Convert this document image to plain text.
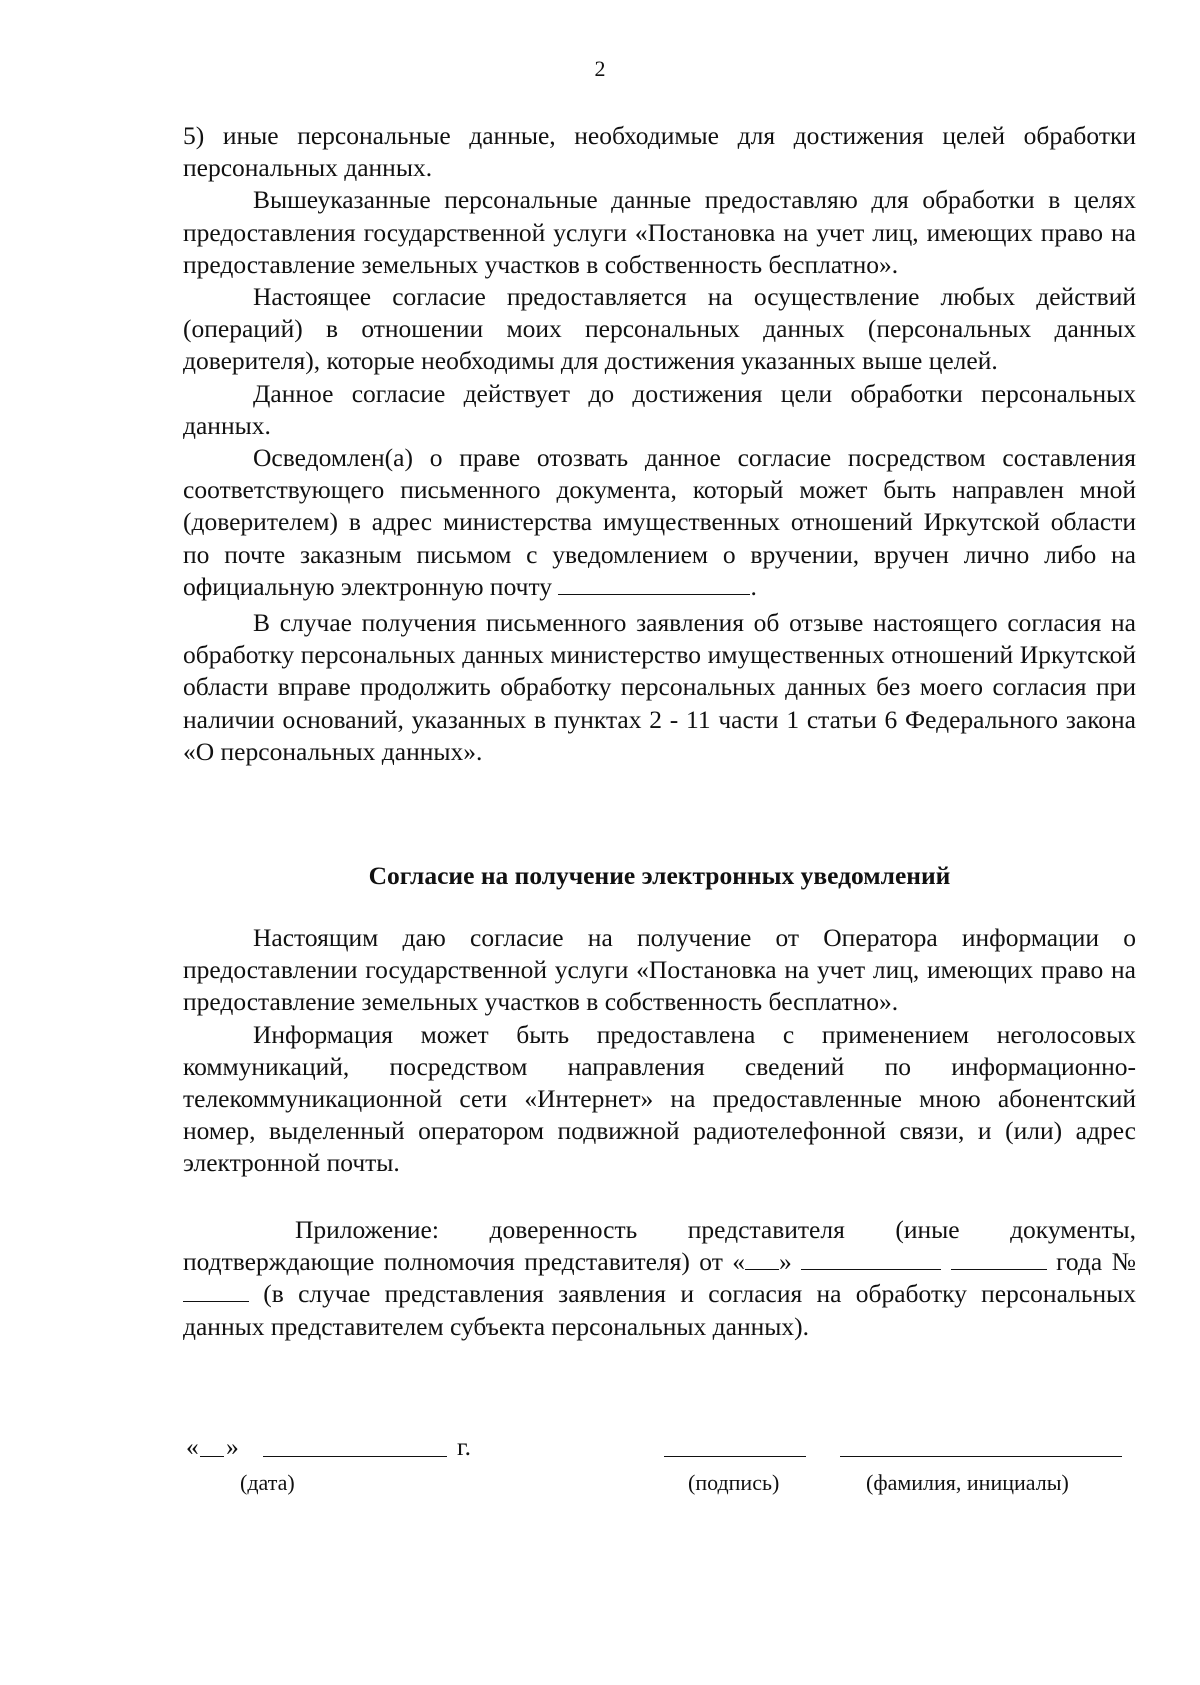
2

5) иные персональные данные, необходимые для достижения целей обработки персональных данных.

Вышеуказанные персональные данные предоставляю для обработки в целях предоставления государственной услуги «Постановка на учет лиц, имеющих право на предоставление земельных участков в собственность бесплатно».

Настоящее согласие предоставляется на осуществление любых действий (операций) в отношении моих персональных данных (персональных данных доверителя), которые необходимы для достижения указанных выше целей.

Данное согласие действует до достижения цели обработки персональных данных.

Осведомлен(а) о праве отозвать данное согласие посредством составления соответствующего письменного документа, который может быть направлен мной (доверителем) в адрес министерства имущественных отношений Иркутской области по почте заказным письмом с уведомлением о вручении, вручен лично либо на официальную электронную почту	.

В случае получения письменного заявления об отзыве настоящего согласия на обработку персональных данных министерство имущественных отношений Иркутской области вправе продолжить обработку персональных данных без моего согласия при наличии оснований, указанных в пунктах 2 - 11 части 1 статьи 6 Федерального закона «О персональных данных».

Согласие на получение электронных уведомлений

Настоящим даю согласие на получение от Оператора информации о предоставлении государственной услуги «Постановка на учет лиц, имеющих право на предоставление земельных участков в собственность бесплатно».

Информация может быть предоставлена с применением неголосовых коммуникаций, посредством направления сведений по информационно-телекоммуникационной сети «Интернет» на предоставленные мною абонентский номер, выделенный оператором подвижной радиотелефонной связи, и (или) адрес электронной почты.

Приложение: доверенность представителя (иные документы, подтверждающие полномочия представителя) от « »	года №  (в случае представления заявления и согласия на обработку персональных данных представителем субъекта персональных данных).

« »	г.
(дата)	(подпись)	(фамилия, инициалы)
